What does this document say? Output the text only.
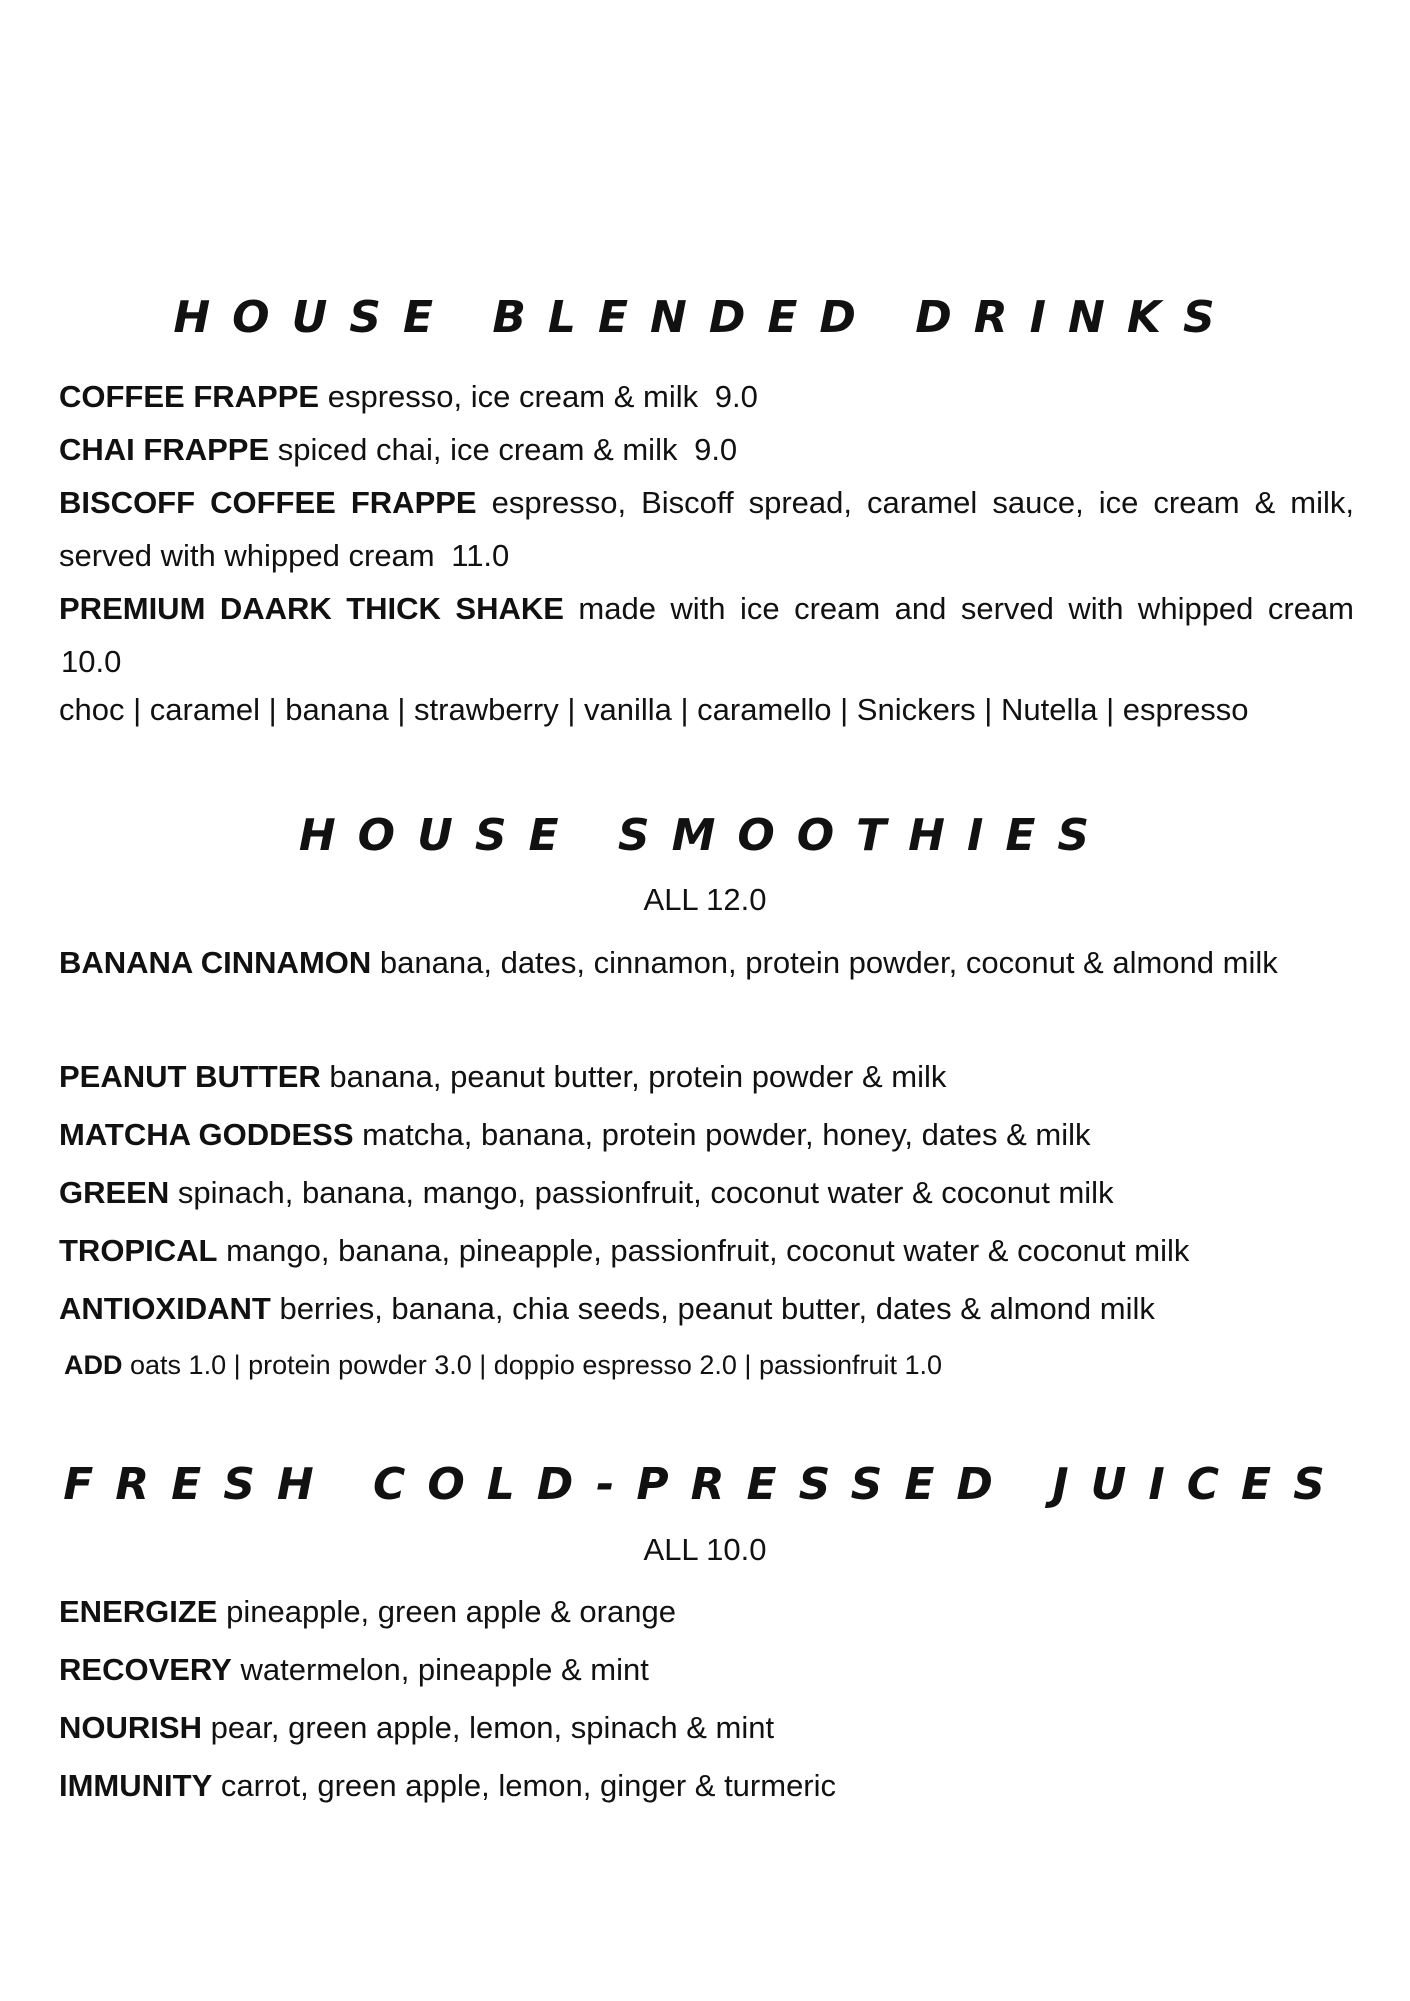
HOUSE BLENDED DRINKS
COFFEE FRAPPE espresso, ice cream & milk 9.0
CHAI FRAPPE spiced chai, ice cream & milk 9.0
BISCOFF COFFEE FRAPPE espresso, Biscoff spread, caramel sauce, ice cream & milk, served with whipped cream 11.0
PREMIUM DAARK THICK SHAKE made with ice cream and served with whipped cream 10.0
choc | caramel | banana | strawberry | vanilla | caramello | Snickers | Nutella | espresso
HOUSE SMOOTHIES
ALL 12.0
BANANA CINNAMON banana, dates, cinnamon, protein powder, coconut & almond milk
PEANUT BUTTER banana, peanut butter, protein powder & milk
MATCHA GODDESS matcha, banana, protein powder, honey, dates & milk
GREEN spinach, banana, mango, passionfruit, coconut water & coconut milk
TROPICAL mango, banana, pineapple, passionfruit, coconut water & coconut milk
ANTIOXIDANT berries, banana, chia seeds, peanut butter, dates & almond milk
ADD oats 1.0 | protein powder 3.0 | doppio espresso 2.0 | passionfruit 1.0
FRESH COLD-PRESSED JUICES
ALL 10.0
ENERGIZE pineapple, green apple & orange
RECOVERY watermelon, pineapple & mint
NOURISH pear, green apple, lemon, spinach & mint
IMMUNITY carrot, green apple, lemon, ginger & turmeric
